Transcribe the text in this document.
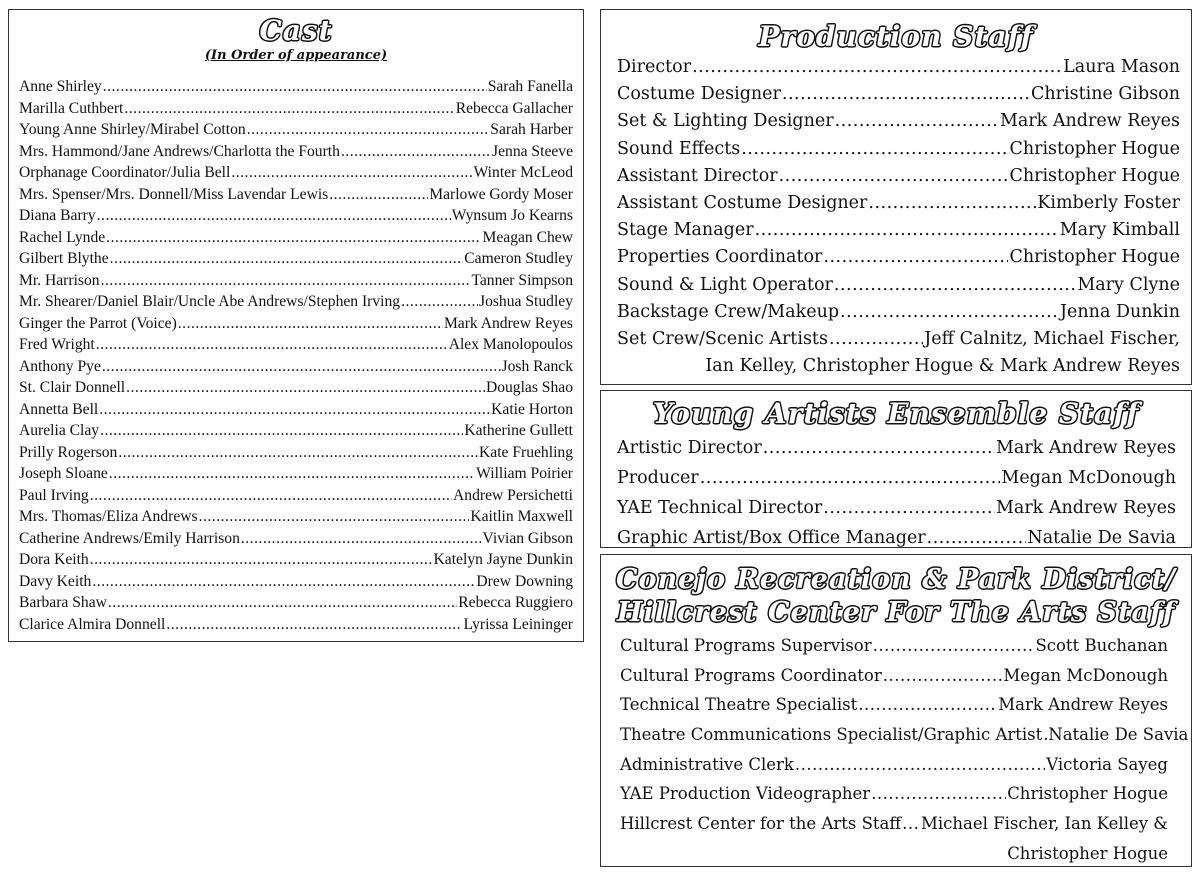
Cast
(In Order of appearance)
Anne Shirley .....	Sarah Fanella
Marilla Cuthbert .....	Rebecca Gallacher
Young Anne Shirley/Mirabel Cotton .....	Sarah Harber
Mrs. Hammond/Jane Andrews/Charlotta the Fourth .....	Jenna Steeve
Orphanage Coordinator/Julia Bell .....	Winter McLeod
Mrs. Spenser/Mrs. Donnell/Miss Lavendar Lewis .....	Marlowe Gordy Moser
Diana Barry .....	Wynsum Jo Kearns
Rachel Lynde .....	Meagan Chew
Gilbert Blythe .....	Cameron Studley
Mr. Harrison .....	Tanner Simpson
Mr. Shearer/Daniel Blair/Uncle Abe Andrews/Stephen Irving .....	Joshua Studley
Ginger the Parrot (Voice) .....	Mark Andrew Reyes
Fred Wright .....	Alex Manolopoulos
Anthony Pye .....	Josh Ranck
St. Clair Donnell .....	Douglas Shao
Annetta Bell .....	Katie Horton
Aurelia Clay .....	Katherine Gullett
Prilly Rogerson .....	Kate Fruehling
Joseph Sloane .....	William Poirier
Paul Irving .....	Andrew Persichetti
Mrs. Thomas/Eliza Andrews .....	Kaitlin Maxwell
Catherine Andrews/Emily Harrison .....	Vivian Gibson
Dora Keith .....	Katelyn Jayne Dunkin
Davy Keith .....	Drew Downing
Barbara Shaw .....	Rebecca Ruggiero
Clarice Almira Donnell .....	Lyrissa Leininger
Production Staff
Director .....	Laura Mason
Costume Designer .....	Christine Gibson
Set & Lighting Designer .....	Mark Andrew Reyes
Sound Effects .....	Christopher Hogue
Assistant Director .....	Christopher Hogue
Assistant Costume Designer .....	Kimberly Foster
Stage Manager .....	Mary Kimball
Properties Coordinator .....	Christopher Hogue
Sound & Light Operator .....	Mary Clyne
Backstage Crew/Makeup .....	Jenna Dunkin
Set Crew/Scenic Artists .....	Jeff Calnitz, Michael Fischer,
Ian Kelley, Christopher Hogue & Mark Andrew Reyes
Young Artists Ensemble Staff
Artistic Director .....	Mark Andrew Reyes
Producer .....	Megan McDonough
YAE Technical Director .....	Mark Andrew Reyes
Graphic Artist/Box Office Manager .....	Natalie De Savia
Conejo Recreation & Park District/
Hillcrest Center For The Arts Staff
Cultural Programs Supervisor .....	Scott Buchanan
Cultural Programs Coordinator .....	Megan McDonough
Technical Theatre Specialist .....	Mark Andrew Reyes
Theatre Communications Specialist/Graphic Artist ..... Natalie De Savia
Administrative Clerk .....	Victoria Sayeg
YAE Production Videographer .....	Christopher Hogue
Hillcrest Center for the Arts Staff ..... Michael Fischer, Ian Kelley &
Christopher Hogue
